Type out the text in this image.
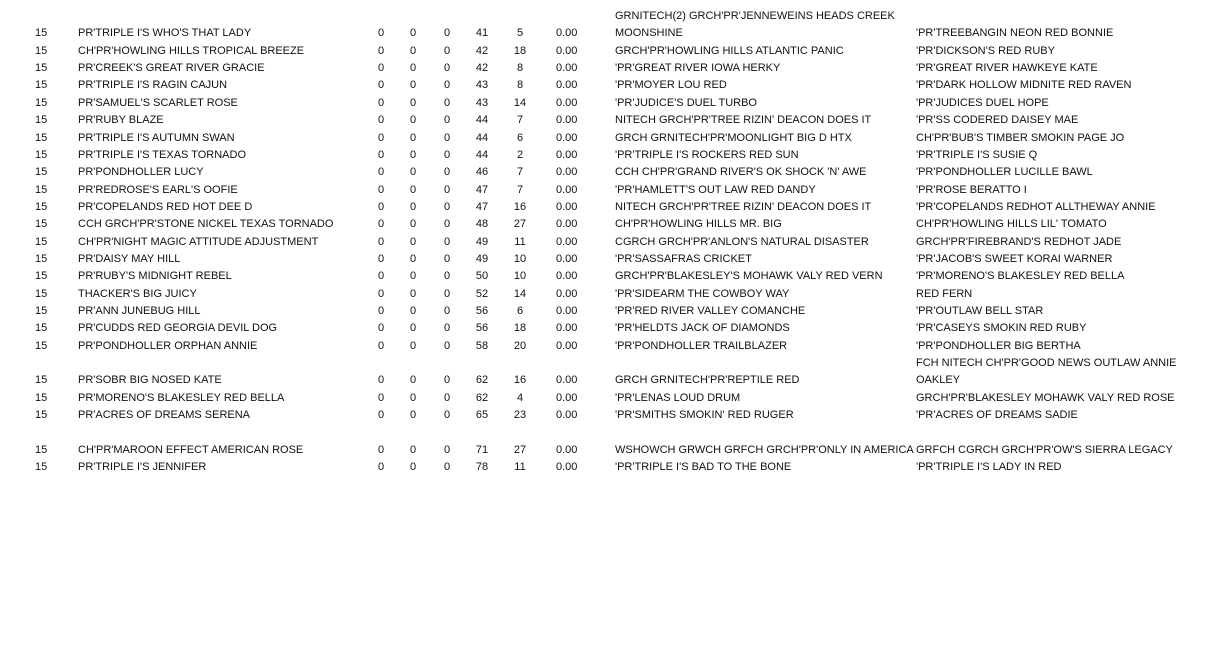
GRNITECH(2) GRCH'PR'JENNEWEINS HEADS CREEK
15	PR'TRIPLE I'S WHO'S THAT LADY	0	0	0	41	5	0.00	MOONSHINE	'PR'TREEBANGIN NEON RED BONNIE
15	CH'PR'HOWLING HILLS TROPICAL BREEZE	0	0	0	42	18	0.00	GRCH'PR'HOWLING HILLS ATLANTIC PANIC	'PR'DICKSON'S RED RUBY
15	PR'CREEK'S GREAT RIVER GRACIE	0	0	0	42	8	0.00	'PR'GREAT RIVER IOWA HERKY	'PR'GREAT RIVER HAWKEYE KATE
15	PR'TRIPLE I'S RAGIN CAJUN	0	0	0	43	8	0.00	'PR'MOYER LOU RED	'PR'DARK HOLLOW MIDNITE RED RAVEN
15	PR'SAMUEL'S SCARLET ROSE	0	0	0	43	14	0.00	'PR'JUDICE'S DUEL TURBO	'PR'JUDICES DUEL HOPE
15	PR'RUBY BLAZE	0	0	0	44	7	0.00	NITECH GRCH'PR'TREE RIZIN' DEACON DOES IT	'PR'SS CODERED DAISEY MAE
15	PR'TRIPLE I'S AUTUMN SWAN	0	0	0	44	6	0.00	GRCH GRNITECH'PR'MOONLIGHT BIG D HTX	CH'PR'BUB'S TIMBER SMOKIN PAGE JO
15	PR'TRIPLE I'S TEXAS TORNADO	0	0	0	44	2	0.00	'PR'TRIPLE I'S ROCKERS RED SUN	'PR'TRIPLE I'S SUSIE Q
15	PR'PONDHOLLER LUCY	0	0	0	46	7	0.00	CCH CH'PR'GRAND RIVER'S OK SHOCK 'N' AWE	'PR'PONDHOLLER LUCILLE BAWL
15	PR'REDROSE'S EARL'S OOFIE	0	0	0	47	7	0.00	'PR'HAMLETT'S OUT LAW RED DANDY	'PR'ROSE BERATTO I
15	PR'COPELANDS RED HOT DEE D	0	0	0	47	16	0.00	NITECH GRCH'PR'TREE RIZIN' DEACON DOES IT	'PR'COPELANDS REDHOT ALLTHEWAY ANNIE
15	CCH GRCH'PR'STONE NICKEL TEXAS TORNADO	0	0	0	48	27	0.00	CH'PR'HOWLING HILLS MR. BIG	CH'PR'HOWLING HILLS LIL' TOMATO
15	CH'PR'NIGHT MAGIC ATTITUDE ADJUSTMENT	0	0	0	49	11	0.00	CGRCH GRCH'PR'ANLON'S NATURAL DISASTER	GRCH'PR'FIREBRAND'S REDHOT JADE
15	PR'DAISY MAY HILL	0	0	0	49	10	0.00	'PR'SASSAFRAS CRICKET	'PR'JACOB'S SWEET KORAI WARNER
15	PR'RUBY'S MIDNIGHT REBEL	0	0	0	50	10	0.00	GRCH'PR'BLAKESLEY'S MOHAWK VALY RED VERN	'PR'MORENO'S BLAKESLEY RED BELLA
15	THACKER'S BIG JUICY	0	0	0	52	14	0.00	'PR'SIDEARM THE COWBOY WAY	RED FERN
15	PR'ANN JUNEBUG HILL	0	0	0	56	6	0.00	'PR'RED RIVER VALLEY COMANCHE	'PR'OUTLAW BELL STAR
15	PR'CUDDS RED GEORGIA DEVIL DOG	0	0	0	56	18	0.00	'PR'HELDTS JACK OF DIAMONDS	'PR'CASEYS SMOKIN RED RUBY
15	PR'PONDHOLLER ORPHAN ANNIE	0	0	0	58	20	0.00	'PR'PONDHOLLER TRAILBLAZER	'PR'PONDHOLLER BIG BERTHA
FCH NITECH CH'PR'GOOD NEWS OUTLAW ANNIE
15	PR'SOBR BIG NOSED KATE	0	0	0	62	16	0.00	GRCH GRNITECH'PR'REPTILE RED	OAKLEY
15	PR'MORENO'S BLAKESLEY RED BELLA	0	0	0	62	4	0.00	'PR'LENAS LOUD DRUM	GRCH'PR'BLAKESLEY MOHAWK VALY RED ROSE
15	PR'ACRES OF DREAMS SERENA	0	0	0	65	23	0.00	'PR'SMITHS SMOKIN' RED RUGER	'PR'ACRES OF DREAMS SADIE
15	CH'PR'MAROON EFFECT AMERICAN ROSE	0	0	0	71	27	0.00	WSHOWCH GRWCH GRFCH GRCH'PR'ONLY IN AMERICA GRFCH CGRCH GRCH'PR'OW'S SIERRA LEGACY
15	PR'TRIPLE I'S JENNIFER	0	0	0	78	11	0.00	'PR'TRIPLE I'S BAD TO THE BONE	'PR'TRIPLE I'S LADY IN RED
